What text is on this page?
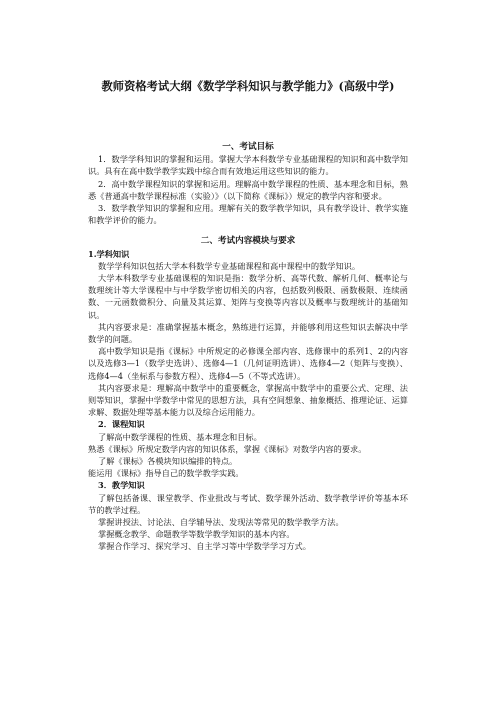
教师资格考试大纲《数学学科知识与教学能力》(高级中学)
一、考试目标

1．数学学科知识的掌握和运用。掌握大学本科数学专业基础课程的知识和高中数学知识。具有在高中数学教学实践中综合而有效地运用这些知识的能力。

2．高中数学课程知识的掌握和运用。理解高中数学课程的性质、基本理念和目标，熟悉《普通高中数学课程标准（实验）》（以下简称《课标》）规定的教学内容和要求。

3．数学教学知识的掌握和应用。理解有关的数学教学知识，具有教学设计、教学实施和教学评价的能力。

二、考试内容模块与要求

1.学科知识

数学学科知识包括大学本科数学专业基础课程和高中课程中的数学知识。

大学本科数学专业基础课程的知识是指：数学分析、高等代数、解析几何、概率论与数理统计等大学课程中与中学数学密切相关的内容，包括数列极限、函数极限、连续函数、一元函数微积分、向量及其运算、矩阵与变换等内容以及概率与数理统计的基础知识。

其内容要求是：准确掌握基本概念，熟练进行运算，并能够利用这些知识去解决中学数学的问题。

高中数学知识是指《课标》中所规定的必修课全部内容、选修课中的系列1、2的内容以及选修3—1（数学史选讲）、选修4—1（几何证明选讲）、选修4—2（矩阵与变换）、选修4—4（坐标系与参数方程）、选修4—5（不等式选讲）。

其内容要求是：理解高中数学中的重要概念，掌握高中数学中的重要公式、定理、法则等知识，掌握中学数学中常见的思想方法，具有空间想象、抽象概括、推理论证、运算求解、数据处理等基本能力以及综合运用能力。

2．课程知识

了解高中数学课程的性质、基本理念和目标。

熟悉《课标》所规定数学内容的知识体系，掌握《课标》对数学内容的要求。

了解《课标》各模块知识编排的特点。

能运用《课标》指导自己的数学教学实践。

3．教学知识

了解包括备课、课堂教学、作业批改与考试、数学课外活动、数学教学评价等基本环节的教学过程。

掌握讲授法、讨论法、自学辅导法、发现法等常见的数学教学方法。

掌握概念教学、命题教学等数学教学知识的基本内容。

掌握合作学习、探究学习、自主学习等中学数学学习方式。
